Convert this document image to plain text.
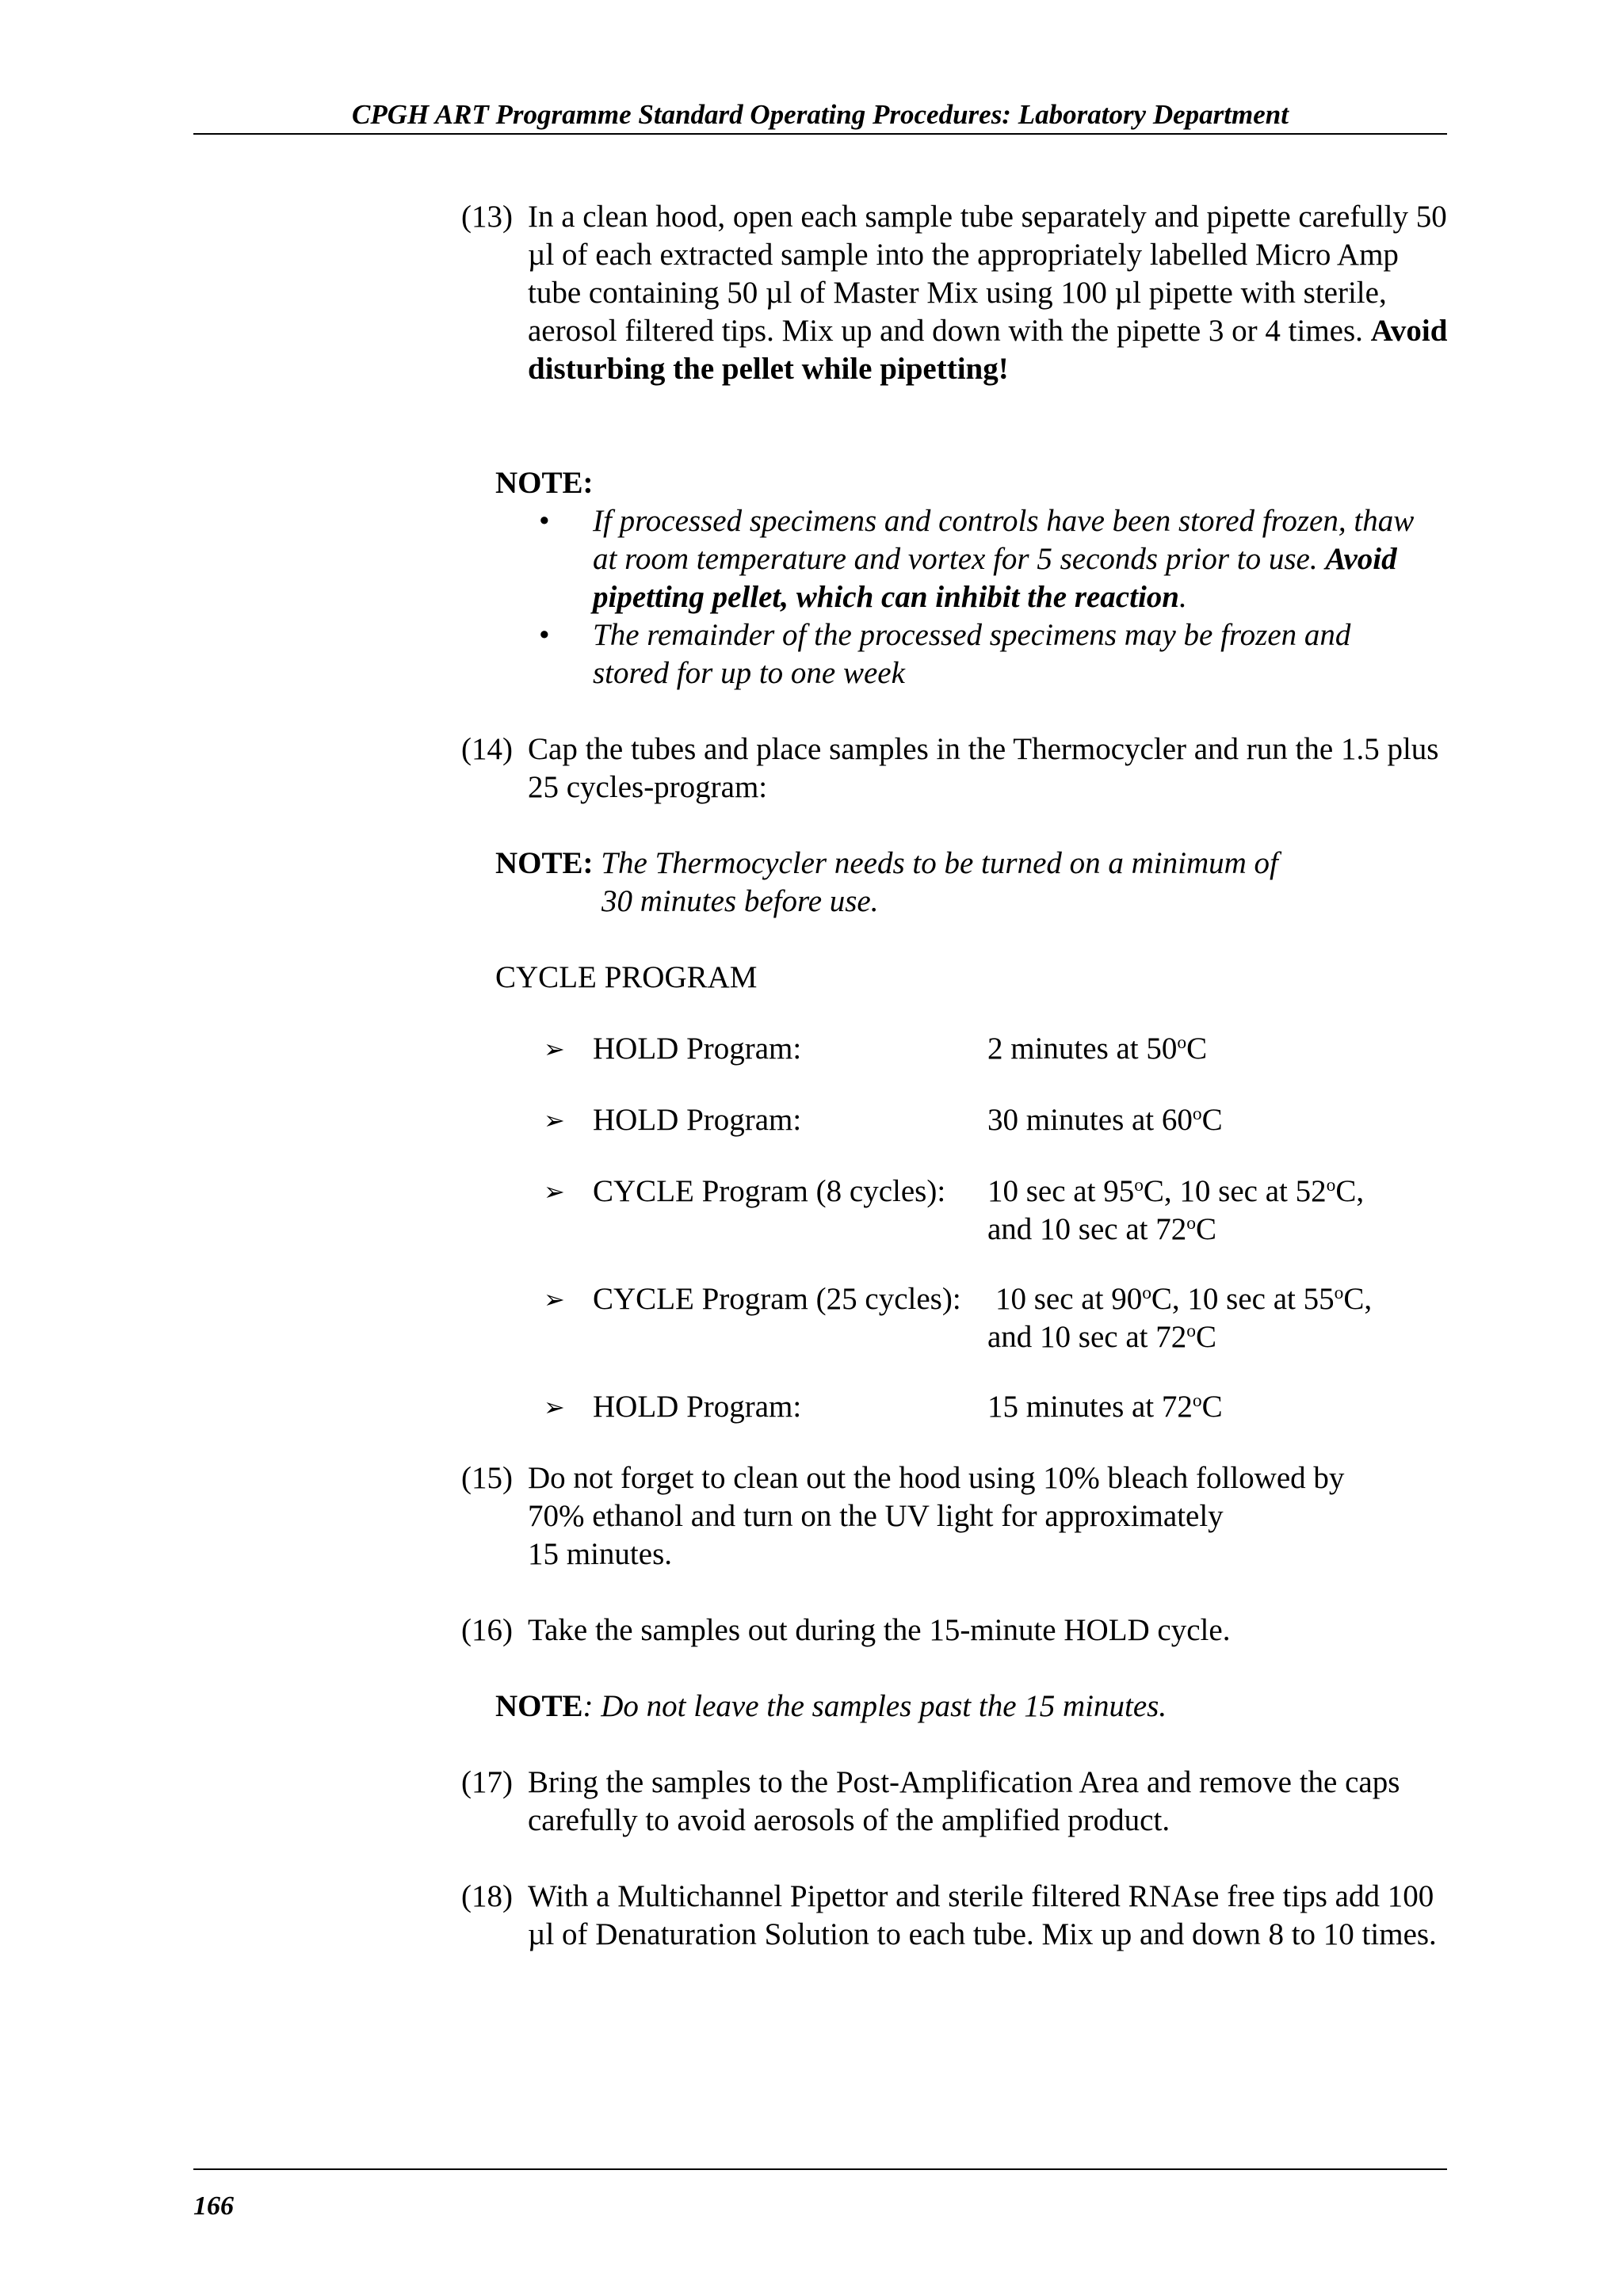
CPGH ART Programme Standard Operating Procedures: Laboratory Department
(13) In a clean hood, open each sample tube separately and pipette carefully 50 µl of each extracted sample into the appropriately labelled Micro Amp tube containing 50 µl of Master Mix using 100 µl pipette with sterile, aerosol filtered tips. Mix up and down with the pipette 3 or 4 times. Avoid disturbing the pellet while pipetting!
NOTE:
• If processed specimens and controls have been stored frozen, thaw at room temperature and vortex for 5 seconds prior to use. Avoid pipetting pellet, which can inhibit the reaction.
• The remainder of the processed specimens may be frozen and stored for up to one week
(14) Cap the tubes and place samples in the Thermocycler and run the 1.5 plus 25 cycles-program:
NOTE: The Thermocycler needs to be turned on a minimum of
30 minutes before use.
CYCLE PROGRAM
➢ HOLD Program:	2 minutes at 50$^o$C
➢ HOLD Program:	30 minutes at 60$^o$C
➢ CYCLE Program (8 cycles): 10 sec at 95$^o$C, 10 sec at 52$^o$C,
and 10 sec at 72$^o$C
➢ CYCLE Program (25 cycles): 10 sec at 90$^o$C, 10 sec at 55$^o$C,
and 10 sec at 72$^o$C
➢ HOLD Program:	15 minutes at 72$^o$C
(15) Do not forget to clean out the hood using 10% bleach followed by
70% ethanol and turn on the UV light for approximately
15 minutes.
(16) Take the samples out during the 15-minute HOLD cycle.
NOTE: Do not leave the samples past the 15 minutes.
(17) Bring the samples to the Post-Amplification Area and remove the caps carefully to avoid aerosols of the amplified product.
(18) With a Multichannel Pipettor and sterile filtered RNAse free tips add 100 µl of Denaturation Solution to each tube. Mix up and down 8 to 10 times.
166
